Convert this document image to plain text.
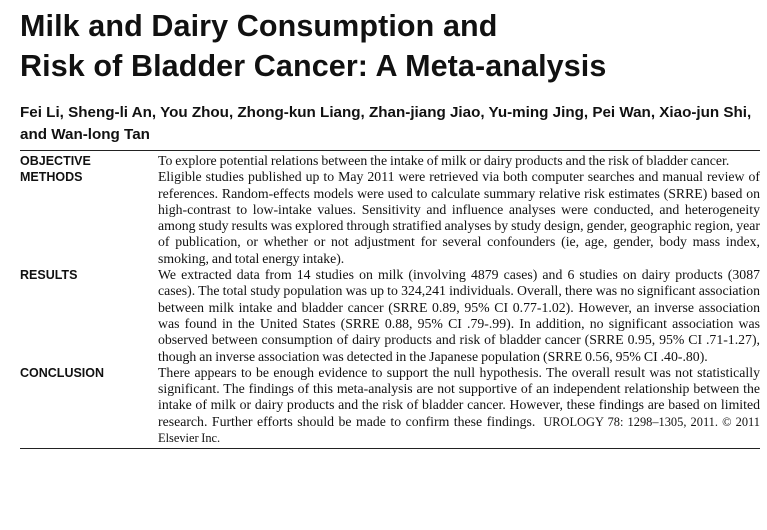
Milk and Dairy Consumption and
Risk of Bladder Cancer: A Meta-analysis
Fei Li, Sheng-li An, You Zhou, Zhong-kun Liang, Zhan-jiang Jiao, Yu-ming Jing, Pei Wan, Xiao-jun Shi, and Wan-long Tan
OBJECTIVE	To explore potential relations between the intake of milk or dairy products and the risk of bladder cancer.
METHODS	Eligible studies published up to May 2011 were retrieved via both computer searches and manual review of references. Random-effects models were used to calculate summary relative risk estimates (SRRE) based on high-contrast to low-intake values. Sensitivity and influence analyses were conducted, and heterogeneity among study results was explored through stratified analyses by study design, gender, geographic region, year of publication, or whether or not adjustment for several confounders (ie, age, gender, body mass index, smoking, and total energy intake).
RESULTS	We extracted data from 14 studies on milk (involving 4879 cases) and 6 studies on dairy products (3087 cases). The total study population was up to 324,241 individuals. Overall, there was no significant association between milk intake and bladder cancer (SRRE 0.89, 95% CI 0.77-1.02). However, an inverse association was found in the United States (SRRE 0.88, 95% CI .79-.99). In addition, no significant association was observed between consumption of dairy products and risk of bladder cancer (SRRE 0.95, 95% CI .71-1.27), though an inverse association was detected in the Japanese population (SRRE 0.56, 95% CI .40-.80).
CONCLUSION	There appears to be enough evidence to support the null hypothesis. The overall result was not statistically significant. The findings of this meta-analysis are not supportive of an independent relationship between the intake of milk or dairy products and the risk of bladder cancer. However, these findings are based on limited research. Further efforts should be made to confirm these findings. UROLOGY 78: 1298–1305, 2011. © 2011 Elsevier Inc.
